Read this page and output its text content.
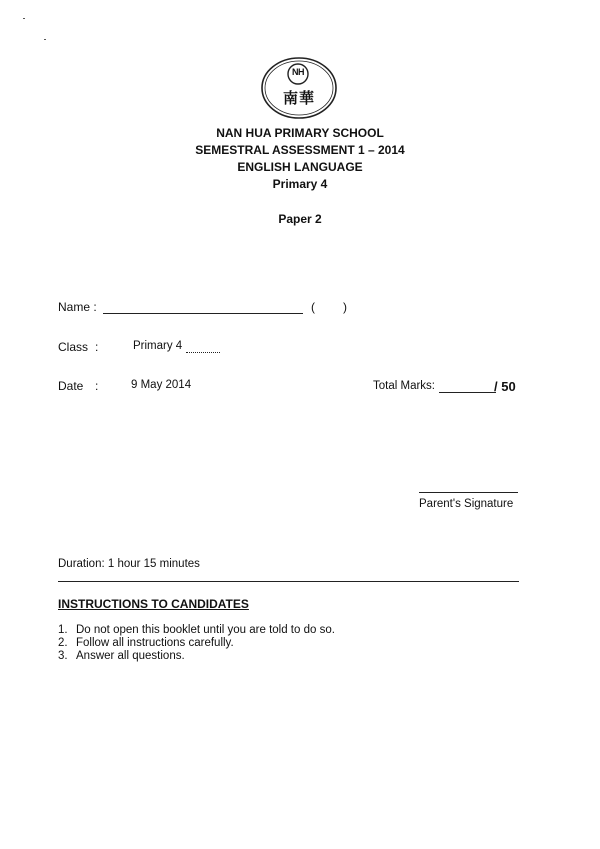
NH
南華
NAN HUA PRIMARY SCHOOL
SEMESTRAL ASSESSMENT 1 – 2014
ENGLISH LANGUAGE
Primary 4
Paper 2
Name :	( )
Class :	Primary 4
Date :	9 May 2014	Total Marks:	/ 50
Parent's Signature
Duration: 1 hour 15 minutes
INSTRUCTIONS TO CANDIDATES
1. Do not open this booklet until you are told to do so.
2. Follow all instructions carefully.
3. Answer all questions.
